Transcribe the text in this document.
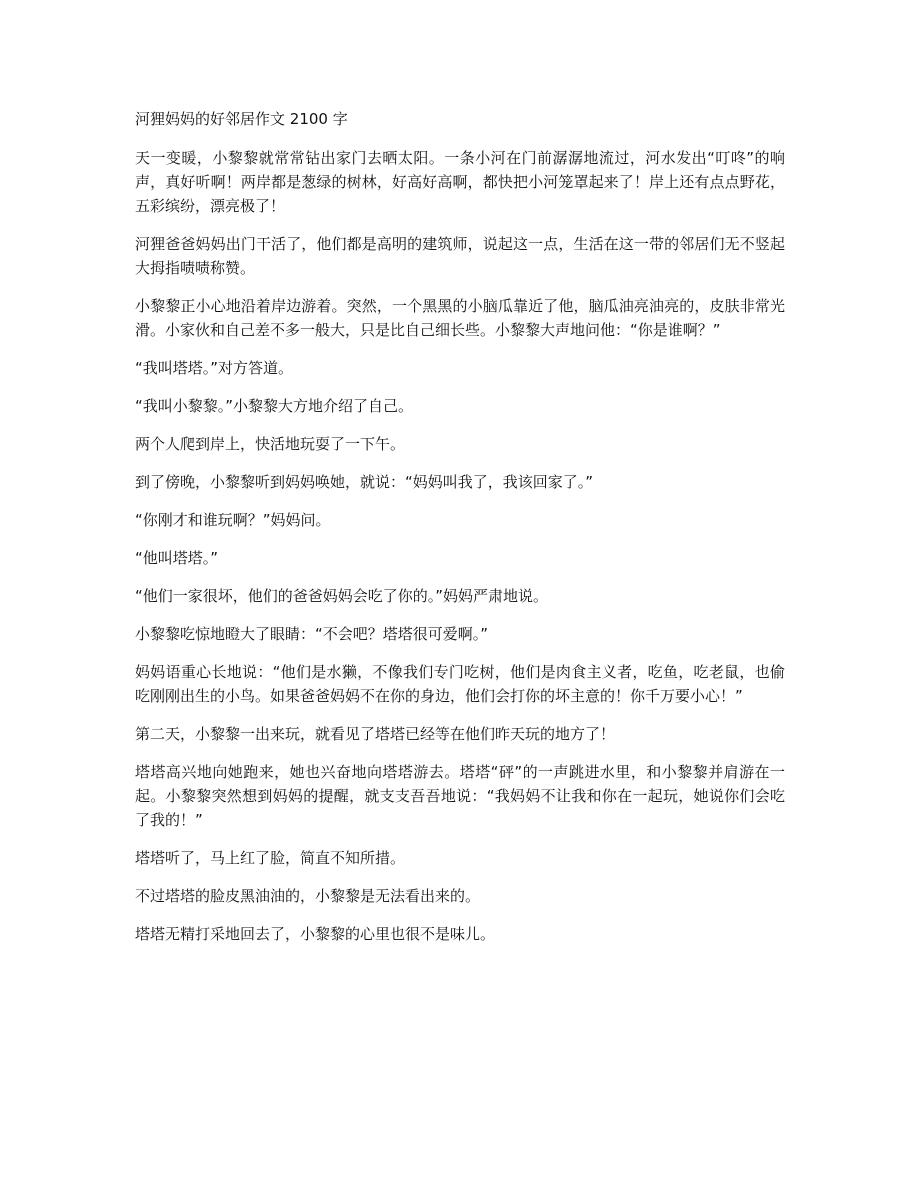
河狸妈妈的好邻居作文 2100 字

天一变暖，小黎黎就常常钻出家门去晒太阳。一条小河在门前潺潺地流过，河水发出“叮咚”的响声，真好听啊！两岸都是葱绿的树林，好高好高啊，都快把小河笼罩起来了！岸上还有点点野花，五彩缤纷，漂亮极了！

河狸爸爸妈妈出门干活了，他们都是高明的建筑师，说起这一点，生活在这一带的邻居们无不竖起大拇指啧啧称赞。

小黎黎正小心地沿着岸边游着。突然，一个黑黑的小脑瓜靠近了他，脑瓜油亮油亮的，皮肤非常光滑。小家伙和自己差不多一般大，只是比自己细长些。小黎黎大声地问他：“你是谁啊？”

“我叫塔塔。”对方答道。

“我叫小黎黎。”小黎黎大方地介绍了自己。

两个人爬到岸上，快活地玩耍了一下午。

到了傍晚，小黎黎听到妈妈唤她，就说：“妈妈叫我了，我该回家了。”

“你刚才和谁玩啊？”妈妈问。

“他叫塔塔。”

“他们一家很坏，他们的爸爸妈妈会吃了你的。”妈妈严肃地说。

小黎黎吃惊地瞪大了眼睛：“不会吧？塔塔很可爱啊。”

妈妈语重心长地说：“他们是水獭，不像我们专门吃树，他们是肉食主义者，吃鱼，吃老鼠，也偷吃刚刚出生的小鸟。如果爸爸妈妈不在你的身边，他们会打你的坏主意的！你千万要小心！”

第二天，小黎黎一出来玩，就看见了塔塔已经等在他们昨天玩的地方了！

塔塔高兴地向她跑来，她也兴奋地向塔塔游去。塔塔“砰”的一声跳进水里，和小黎黎并肩游在一起。小黎黎突然想到妈妈的提醒，就支支吾吾地说：“我妈妈不让我和你在一起玩，她说你们会吃了我的！”

塔塔听了，马上红了脸，简直不知所措。

不过塔塔的脸皮黑油油的，小黎黎是无法看出来的。

塔塔无精打采地回去了，小黎黎的心里也很不是味儿。
